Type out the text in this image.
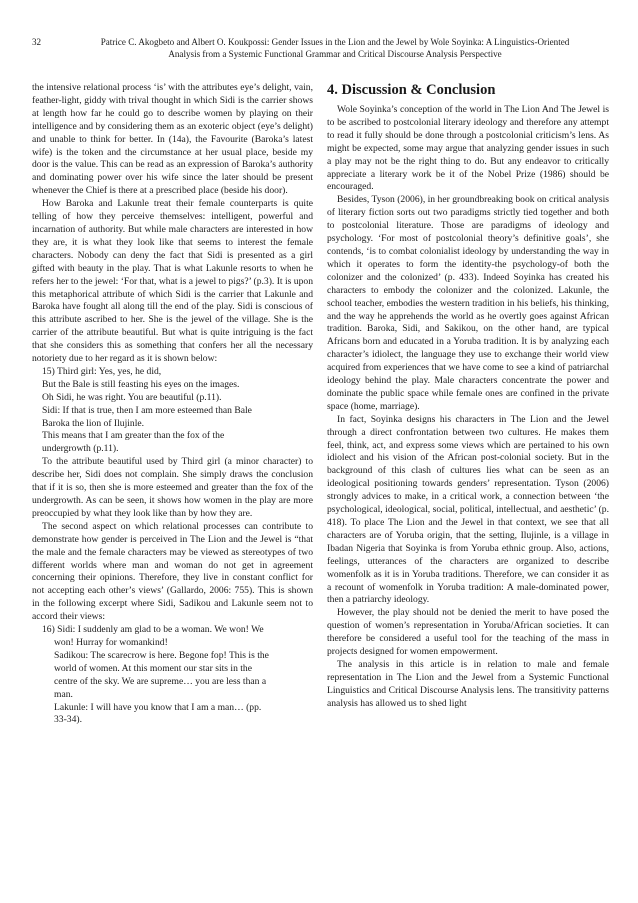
32	Patrice C. Akogbeto and Albert O. Koukpossi: Gender Issues in the Lion and the Jewel by Wole Soyinka: A Linguistics-Oriented
Analysis from a Systemic Functional Grammar and Critical Discourse Analysis Perspective

the intensive relational process ‘is’ with the attributes eye’s delight, vain, feather-light, giddy with trival thought in which Sidi is the carrier shows at length how far he could go to describe women by playing on their intelligence and by considering them as an exoteric object (eye’s delight) and unable to think for better. In (14a), the Favourite (Baroka’s latest wife) is the token and the circumstance at her usual place, beside my door is the value. This can be read as an expression of Baroka’s authority and dominating power over his wife since the later should be present whenever the Chief is there at a prescribed place (beside his door).

How Baroka and Lakunle treat their female counterparts is quite telling of how they perceive themselves: intelligent, powerful and incarnation of authority. But while male characters are interested in how they are, it is what they look like that seems to interest the female characters. Nobody can deny the fact that Sidi is presented as a girl gifted with beauty in the play. That is what Lakunle resorts to when he refers her to the jewel: ‘For that, what is a jewel to pigs?’ (p.3). It is upon this metaphorical attribute of which Sidi is the carrier that Lakunle and Baroka have fought all along till the end of the play. Sidi is conscious of this attribute ascribed to her. She is the jewel of the village. She is the carrier of the attribute beautiful. But what is quite intriguing is the fact that she considers this as something that confers her all the necessary notoriety due to her regard as it is shown below:

15) Third girl: Yes, yes, he did,
But the Bale is still feasting his eyes on the images.
Oh Sidi, he was right. You are beautiful (p.11).
Sidi: If that is true, then I am more esteemed than Bale
Baroka the lion of Ilujinle.
This means that I am greater than the fox of the
undergrowth (p.11).

To the attribute beautiful used by Third girl (a minor character) to describe her, Sidi does not complain. She simply draws the conclusion that if it is so, then she is more esteemed and greater than the fox of the undergrowth. As can be seen, it shows how women in the play are more preoccupied by what they look like than by how they are.

The second aspect on which relational processes can contribute to demonstrate how gender is perceived in The Lion and the Jewel is “that the male and the female characters may be viewed as stereotypes of two different worlds where man and woman do not get in agreement concerning their opinions. Therefore, they live in constant conflict for not accepting each other’s views’ (Gallardo, 2006: 755). This is shown in the following excerpt where Sidi, Sadikou and Lakunle seem not to accord their views:

16) Sidi: I suddenly am glad to be a woman. We won! We
won! Hurray for womankind!
Sadikou: The scarecrow is here. Begone fop! This is the
world of women. At this moment our star sits in the
centre of the sky. We are supreme… you are less than a
man.
Lakunle: I will have you know that I am a man… (pp.
33-34).
4. Discussion & Conclusion

Wole Soyinka’s conception of the world in The Lion And The Jewel is to be ascribed to postcolonial literary ideology and therefore any attempt to read it fully should be done through a postcolonial criticism’s lens. As might be expected, some may argue that analyzing gender issues in such a play may not be the right thing to do. But any endeavor to critically appreciate a literary work be it of the Nobel Prize (1986) should be encouraged.

Besides, Tyson (2006), in her groundbreaking book on critical analysis of literary fiction sorts out two paradigms strictly tied together and both to postcolonial literature. Those are paradigms of ideology and psychology. ‘For most of postcolonial theory’s definitive goals’, she contends, ‘is to combat colonialist ideology by understanding the way in which it operates to form the identity-the psychology-of both the colonizer and the colonized’ (p. 433). Indeed Soyinka has created his characters to embody the colonizer and the colonized. Lakunle, the school teacher, embodies the western tradition in his beliefs, his thinking, and the way he apprehends the world as he overtly goes against African tradition. Baroka, Sidi, and Sakikou, on the other hand, are typical Africans born and educated in a Yoruba tradition. It is by analyzing each character’s idiolect, the language they use to exchange their world view acquired from experiences that we have come to see a kind of patriarchal ideology behind the play. Male characters concentrate the power and dominate the public space while female ones are confined in the private space (home, marriage).

In fact, Soyinka designs his characters in The Lion and the Jewel through a direct confrontation between two cultures. He makes them feel, think, act, and express some views which are pertained to his own idiolect and his vision of the African post-colonial society. But in the background of this clash of cultures lies what can be seen as an ideological positioning towards genders’ representation. Tyson (2006) strongly advices to make, in a critical work, a connection between ‘the psychological, ideological, social, political, intellectual, and aesthetic’ (p. 418). To place The Lion and the Jewel in that context, we see that all characters are of Yoruba origin, that the setting, Ilujinle, is a village in Ibadan Nigeria that Soyinka is from Yoruba ethnic group. Also, actions, feelings, utterances of the characters are organized to describe womenfolk as it is in Yoruba traditions. Therefore, we can consider it as a recount of womenfolk in Yoruba tradition: A male-dominated power, then a patriarchy ideology.

However, the play should not be denied the merit to have posed the question of women’s representation in Yoruba/African societies. It can therefore be considered a useful tool for the teaching of the mass in projects designed for women empowerment.

The analysis in this article is in relation to male and female representation in The Lion and the Jewel from a Systemic Functional Linguistics and Critical Discourse Analysis lens. The transitivity patterns analysis has allowed us to shed light
